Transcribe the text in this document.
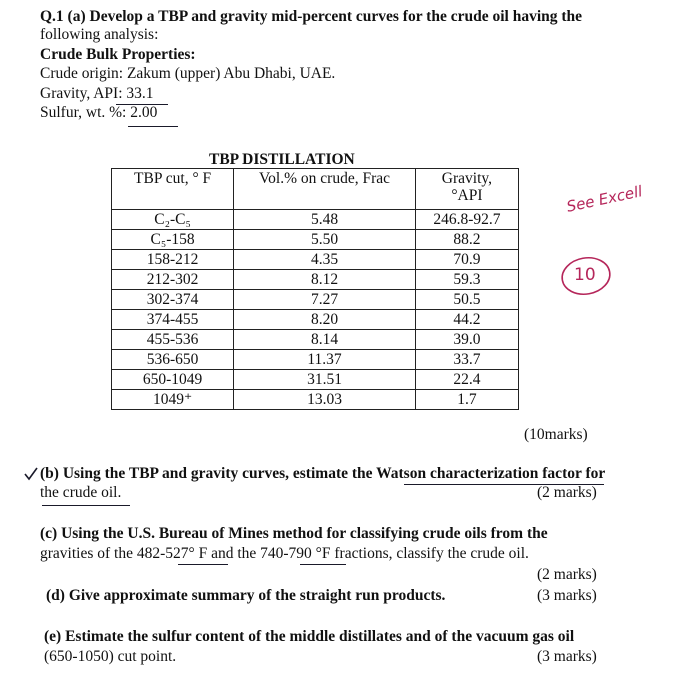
Q.1 (a) Develop a TBP and gravity mid-percent curves for the crude oil having the
following analysis:
Crude Bulk Properties:
Crude origin: Zakum (upper) Abu Dhabi, UAE.
Gravity, API: 33.1
Sulfur, wt. %: 2.00
TBP DISTILLATION
TBP cut, ° F	Vol.% on crude, Frac	Gravity,
°API

C₂-C₅	5.48	246.8-92.7
C₅-158	5.50	88.2
158-212	4.35	70.9
212-302	8.12	59.3
302-374	7.27	50.5
374-455	8.20	44.2
455-536	8.14	39.0
536-650	11.37	33.7
650-1049	31.51	22.4
1049⁺	13.03	1.7
See Excell
10
(10marks)
(b) Using the TBP and gravity curves, estimate the Watson characterization factor for
the crude oil.	(2 marks)
(c) Using the U.S. Bureau of Mines method for classifying crude oils from the
gravities of the 482-527° F and the 740-790 °F fractions, classify the crude oil.
(2 marks)
(d) Give approximate summary of the straight run products.	(3 marks)
(e) Estimate the sulfur content of the middle distillates and of the vacuum gas oil
(650-1050) cut point.	(3 marks)
